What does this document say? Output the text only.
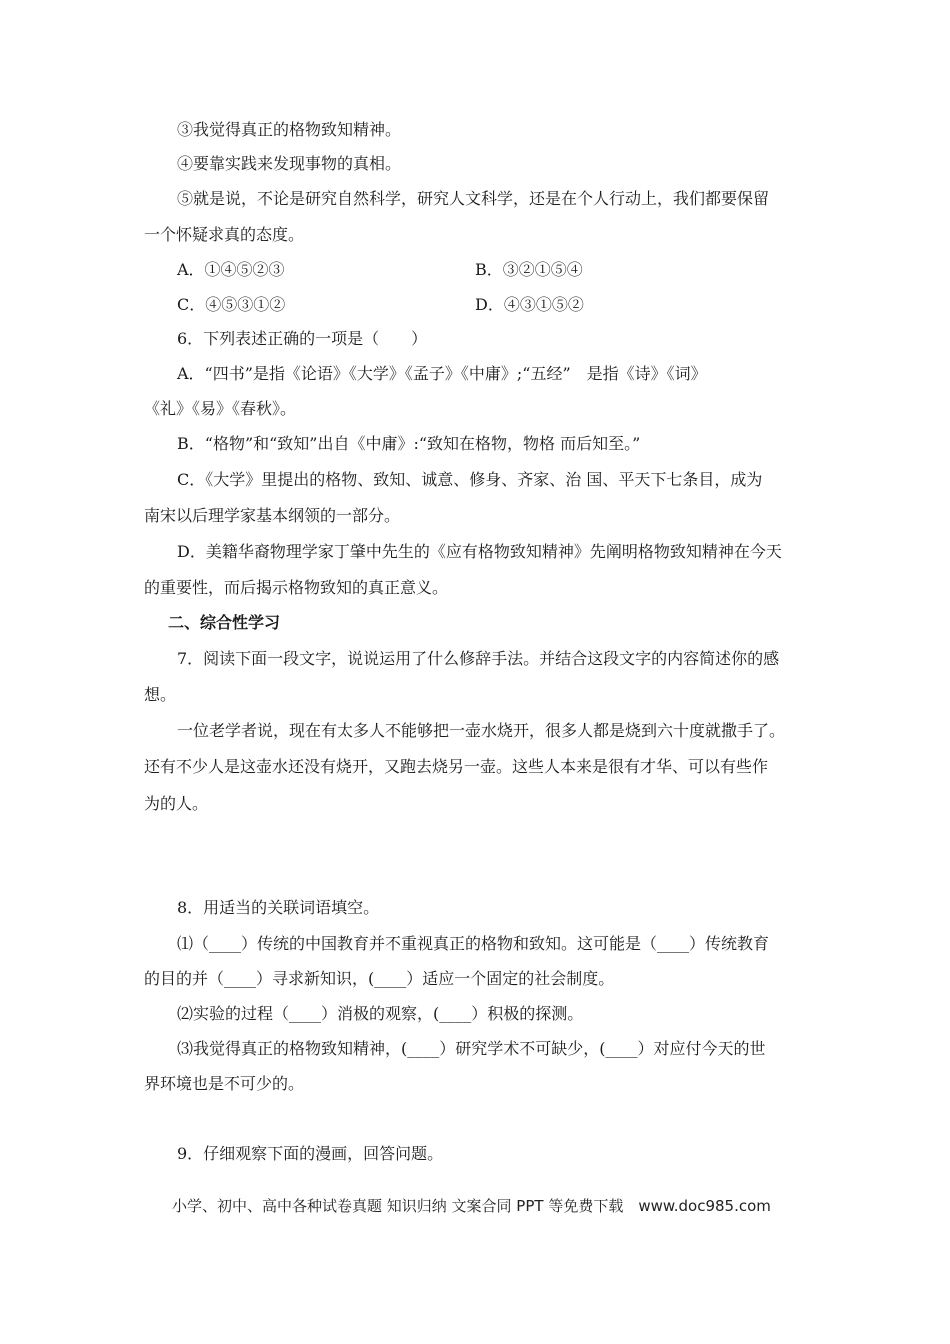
③我觉得真正的格物致知精神。
④要靠实践来发现事物的真相。
⑤就是说，不论是研究自然科学，研究人文科学，还是在个人行动上，我们都要保留
一个怀疑求真的态度。
A．①④⑤②③	B．③②①⑤④
C．④⑤③①②	D．④③①⑤②
6．下列表述正确的一项是（　　）
A．“四书”是指《论语》《大学》《孟子》《中庸》;“五经”　是指《诗》《词》
《礼》《易》《春秋》。
B．“格物”和“致知”出自《中庸》:“致知在格物，物格 而后知至。”
C．《大学》里提出的格物、致知、诚意、修身、齐家、治 国、平天下七条目，成为
南宋以后理学家基本纲领的一部分。
D．美籍华裔物理学家丁肇中先生的《应有格物致知精神》先阐明格物致知精神在今天
的重要性，而后揭示格物致知的真正意义。
二、综合性学习
7．阅读下面一段文字，说说运用了什么修辞手法。并结合这段文字的内容简述你的感
想。
一位老学者说，现在有太多人不能够把一壶水烧开，很多人都是烧到六十度就撒手了。
还有不少人是这壶水还没有烧开，又跑去烧另一壶。这些人本来是很有才华、可以有些作
为的人。
8．用适当的关联词语填空。
⑴（____）传统的中国教育并不重视真正的格物和致知。这可能是（____）传统教育
的目的并（____）寻求新知识，(____）适应一个固定的社会制度。
⑵实验的过程（____）消极的观察，(____）积极的探测。
⑶我觉得真正的格物致知精神，(____）研究学术不可缺少，(____）对应付今天的世
界环境也是不可少的。
9．仔细观察下面的漫画，回答问题。
小学、初中、高中各种试卷真题 知识归纳 文案合同 PPT 等免费下载　www.doc985.com
